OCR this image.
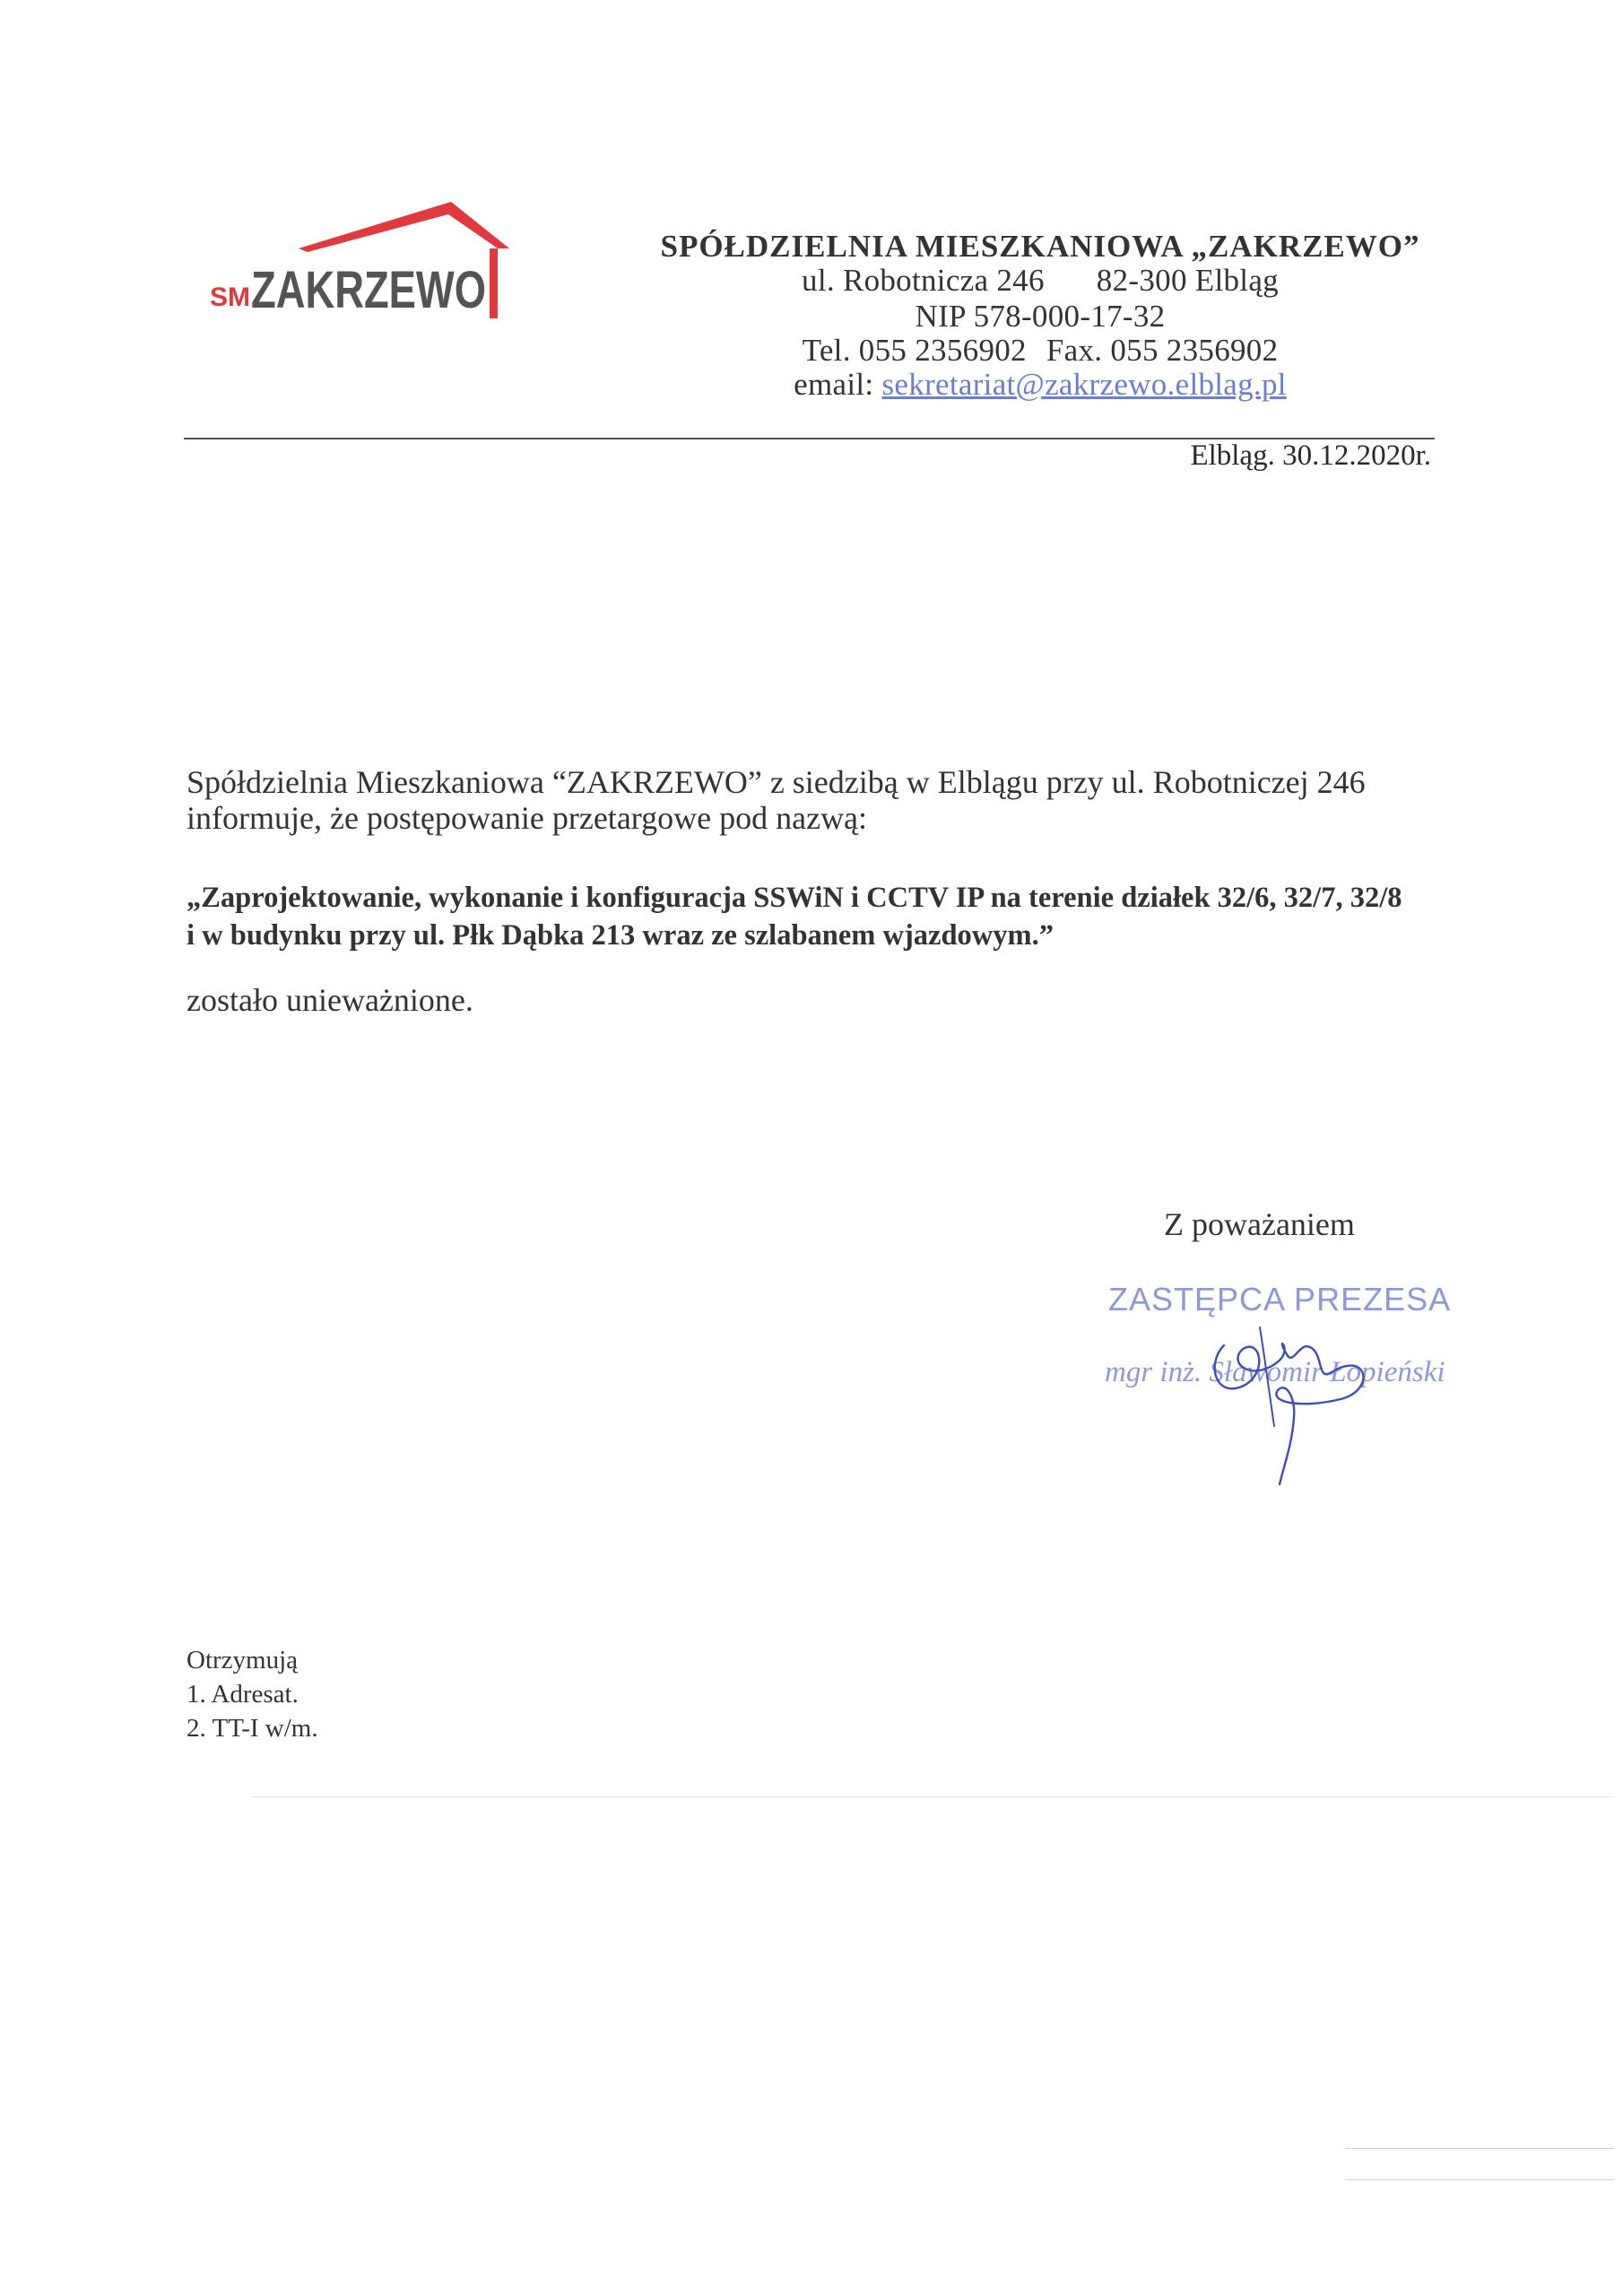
SM ZAKRZEWO
SPÓŁDZIELNIA MIESZKANIOWA „ZAKRZEWO”
ul. Robotnicza 246 82-300 Elbląg
NIP 578-000-17-32
Tel. 055 2356902 Fax. 055 2356902
email: sekretariat@zakrzewo.elblag.pl
Elbląg. 30.12.2020r.
Spółdzielnia Mieszkaniowa “ZAKRZEWO” z siedzibą w Elblągu przy ul. Robotniczej 246
informuje, że postępowanie przetargowe pod nazwą:
„Zaprojektowanie, wykonanie i konfiguracja SSWiN i CCTV IP na terenie działek 32/6, 32/7, 32/8
i w budynku przy ul. Płk Dąbka 213 wraz ze szlabanem wjazdowym.”
zostało unieważnione.
Z poważaniem
ZASTĘPCA PREZESA
mgr inż. Sławomir Łopieński
Otrzymują
1. Adresat.
2. TT-I w/m.
